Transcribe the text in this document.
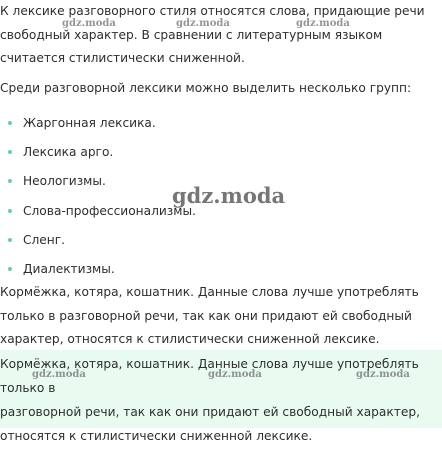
К лексике разговорного стиля относятся слова, придающие речи свободный характер. В сравнении с литературным языком считается стилистически сниженной.
Среди разговорной лексики можно выделить несколько групп:
Жаргонная лексика.
Лексика арго.
Неологизмы.
Слова-профессионализмы.
Сленг.
Диалектизмы.
Кормёжка, котяра, кошатник. Данные слова лучше употреблять только в разговорной речи, так как они придают ей свободный характер, относятся к стилистически сниженной лексике.
Кормёжка, котяра, кошатник. Данные слова лучше употреблять только в
разговорной речи, так как они придают ей свободный характер,
относятся к стилистически сниженной лексике.
gdz.moda	gdz.moda	gdz.moda
gdz.moda
gdz.moda	gdz.moda	gdz.moda
